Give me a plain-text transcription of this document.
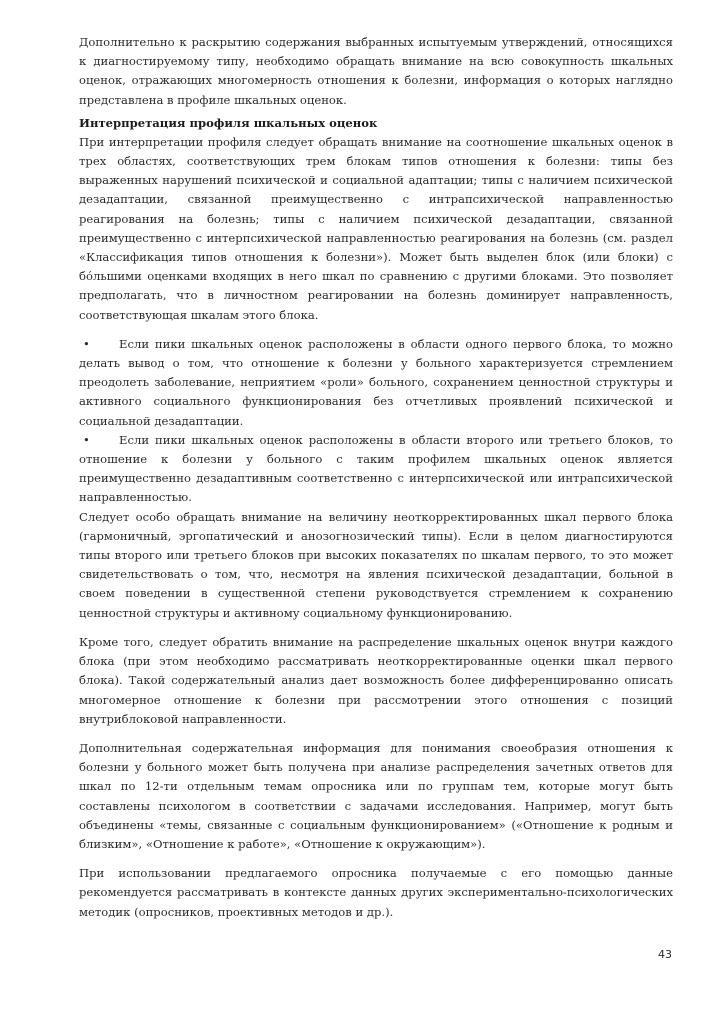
Дополнительно к раскрытию содержания выбранных испытуемым утверждений, относящихся к диагностируемому типу, необходимо обращать внимание на всю совокупность шкальных оценок, отражающих многомерность отношения к болезни, информация о которых наглядно представлена в профиле шкальных оценок.

Интерпретация профиля шкальных оценок

При интерпретации профиля следует обращать внимание на соотношение шкальных оценок в трех областях, соответствующих трем блокам типов отношения к болезни: типы без выраженных нарушений психической и социальной адаптации; типы с наличием психической дезадаптации, связанной преимущественно с интрапсихической направленностью реагирования на болезнь; типы с наличием психической дезадаптации, связанной преимущественно с интерпсихической направленностью реагирования на болезнь (см. раздел «Классификация типов отношения к болезни»). Может быть выделен блок (или блоки) с бо́льшими оценками входящих в него шкал по сравнению с другими блоками. Это позволяет предполагать, что в личностном реагировании на болезнь доминирует направленность, соответствующая шкалам этого блока.

•	Если пики шкальных оценок расположены в области одного первого блока, то можно делать вывод о том, что отношение к болезни у больного характеризуется стремлением преодолеть заболевание, неприятием «роли» больного, сохранением ценностной структуры и активного социального функционирования без отчетливых проявлений психической и социальной дезадаптации.
•	Если пики шкальных оценок расположены в области второго или третьего блоков, то отношение к болезни у больного с таким профилем шкальных оценок является преимущественно дезадаптивным соответственно с интерпсихической или интрапсихической направленностью.

Следует особо обращать внимание на величину неоткорректированных шкал первого блока (гармоничный, эргопатический и анозогнозический типы). Если в целом диагностируются типы второго или третьего блоков при высоких показателях по шкалам первого, то это может свидетельствовать о том, что, несмотря на явления психической дезадаптации, больной в своем поведении в существенной степени руководствуется стремлением к сохранению ценностной структуры и активному социальному функционированию.

Кроме того, следует обратить внимание на распределение шкальных оценок внутри каждого блока (при этом необходимо рассматривать неоткорректированные оценки шкал первого блока). Такой содержательный анализ дает возможность более дифференцированно описать многомерное отношение к болезни при рассмотрении этого отношения с позиций внутриблоковой направленности.

Дополнительная содержательная информация для понимания своеобразия отношения к болезни у больного может быть получена при анализе распределения зачетных ответов для шкал по 12-ти отдельным темам опросника или по группам тем, которые могут быть составлены психологом в соответствии с задачами исследования. Например, могут быть объединены «темы, связанные с социальным функционированием» («Отношение к родным и близким», «Отношение к работе», «Отношение к окружающим»).

При использовании предлагаемого опросника получаемые с его помощью данные рекомендуется рассматривать в контексте данных других экспериментально-психологических методик (опросников, проективных методов и др.).

43
